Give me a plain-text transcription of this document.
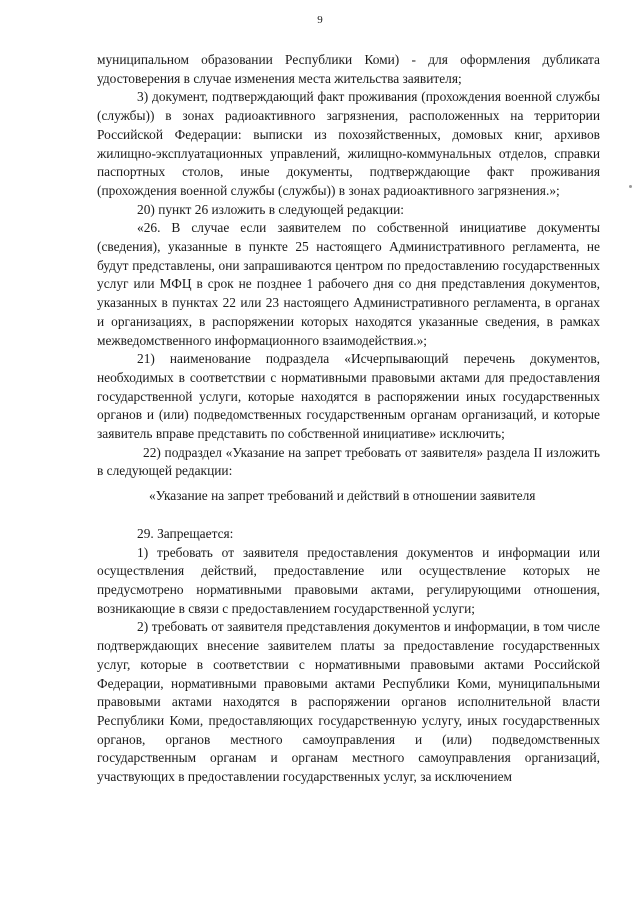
9

муниципальном образовании Республики Коми) - для оформления дубликата удостоверения в случае изменения места жительства заявителя;

3) документ, подтверждающий факт проживания (прохождения военной службы (службы)) в зонах радиоактивного загрязнения, расположенных на территории Российской Федерации: выписки из похозяйственных, домовых книг, архивов жилищно-эксплуатационных управлений, жилищно-коммунальных отделов, справки паспортных столов, иные документы, подтверждающие факт проживания (прохождения военной службы (службы)) в зонах радиоактивного загрязнения.»;

20) пункт 26 изложить в следующей редакции:

«26. В случае если заявителем по собственной инициативе документы (сведения), указанные в пункте 25 настоящего Административного регламента, не будут представлены, они запрашиваются центром по предоставлению государственных услуг или МФЦ в срок не позднее 1 рабочего дня со дня представления документов, указанных в пунктах 22 или 23 настоящего Административного регламента, в органах и организациях, в распоряжении которых находятся указанные сведения, в рамках межведомственного информационного взаимодействия.»;

21) наименование подраздела «Исчерпывающий перечень документов, необходимых в соответствии с нормативными правовыми актами для предоставления государственной услуги, которые находятся в распоряжении иных государственных органов и (или) подведомственных государственным органам организаций, и которые заявитель вправе представить по собственной инициативе» исключить;

22) подраздел «Указание на запрет требовать от заявителя» раздела II изложить в следующей редакции:

«Указание на запрет требований и действий в отношении заявителя

29. Запрещается:

1) требовать от заявителя предоставления документов и информации или осуществления действий, предоставление или осуществление которых не предусмотрено нормативными правовыми актами, регулирующими отношения, возникающие в связи с предоставлением государственной услуги;

2) требовать от заявителя представления документов и информации, в том числе подтверждающих внесение заявителем платы за предоставление государственных услуг, которые в соответствии с нормативными правовыми актами Российской Федерации, нормативными правовыми актами Республики Коми, муниципальными правовыми актами находятся в распоряжении органов исполнительной власти Республики Коми, предоставляющих государственную услугу, иных государственных органов, органов местного самоуправления и (или) подведомственных государственным органам и органам местного самоуправления организаций, участвующих в предоставлении государственных услуг, за исключением
